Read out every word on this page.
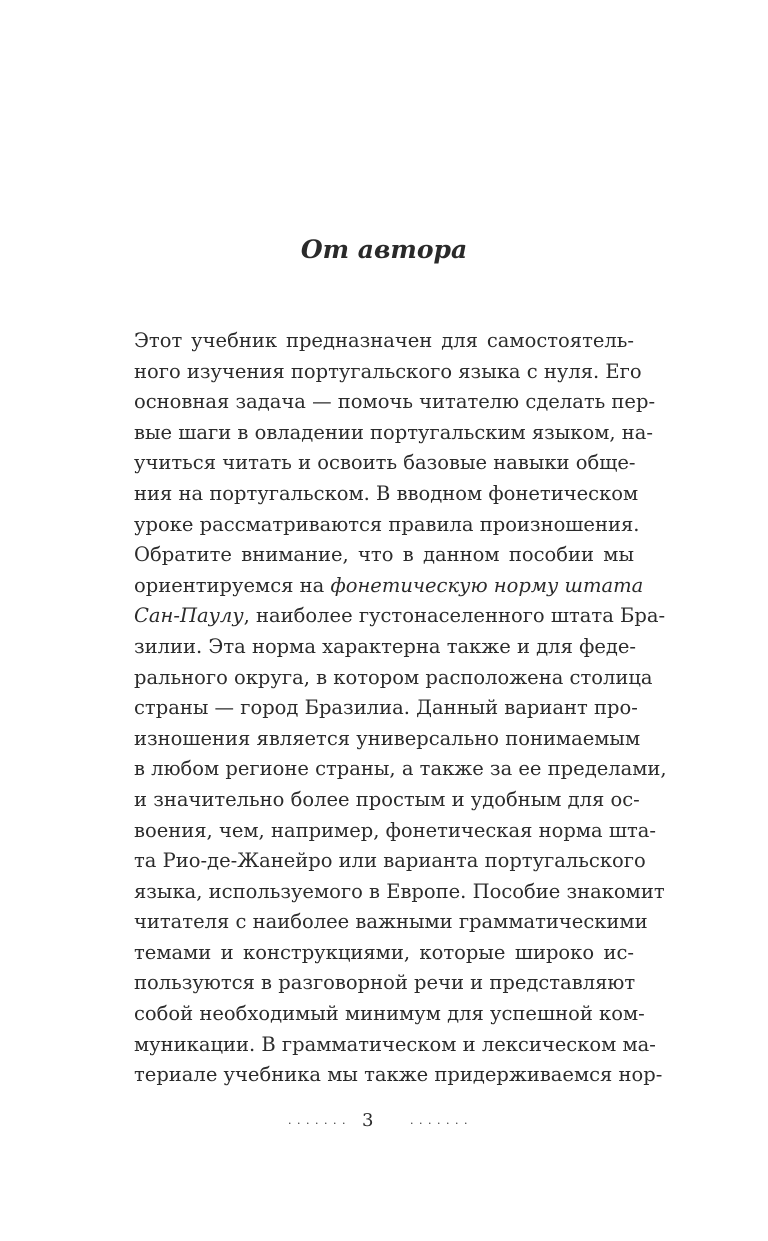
От автора
Этот учебник предназначен для самостоятель-
ного изучения португальского языка с нуля. Его
основная задача — помочь читателю сделать пер-
вые шаги в овладении португальским языком, на-
учиться читать и освоить базовые навыки обще-
ния на португальском. В вводном фонетическом
уроке рассматриваются правила произношения.
Обратите внимание, что в данном пособии мы
ориентируемся на фонетическую норму штата
Сан-Паулу, наиболее густонаселенного штата Бра-
зилии. Эта норма характерна также и для феде-
рального округа, в котором расположена столица
страны — город Бразилиа. Данный вариант про-
изношения является универсально понимаемым
в любом регионе страны, а также за ее пределами,
и значительно более простым и удобным для ос-
воения, чем, например, фонетическая норма шта-
та Рио-де-Жанейро или варианта португальского
языка, используемого в Европе. Пособие знакомит
читателя с наиболее важными грамматическими
темами и конструкциями, которые широко ис-
пользуются в разговорной речи и представляют
собой необходимый минимум для успешной ком-
муникации. В грамматическом и лексическом ма-
териале учебника мы также придерживаемся нор-
. . . . . . . 3	. . . . . . .
